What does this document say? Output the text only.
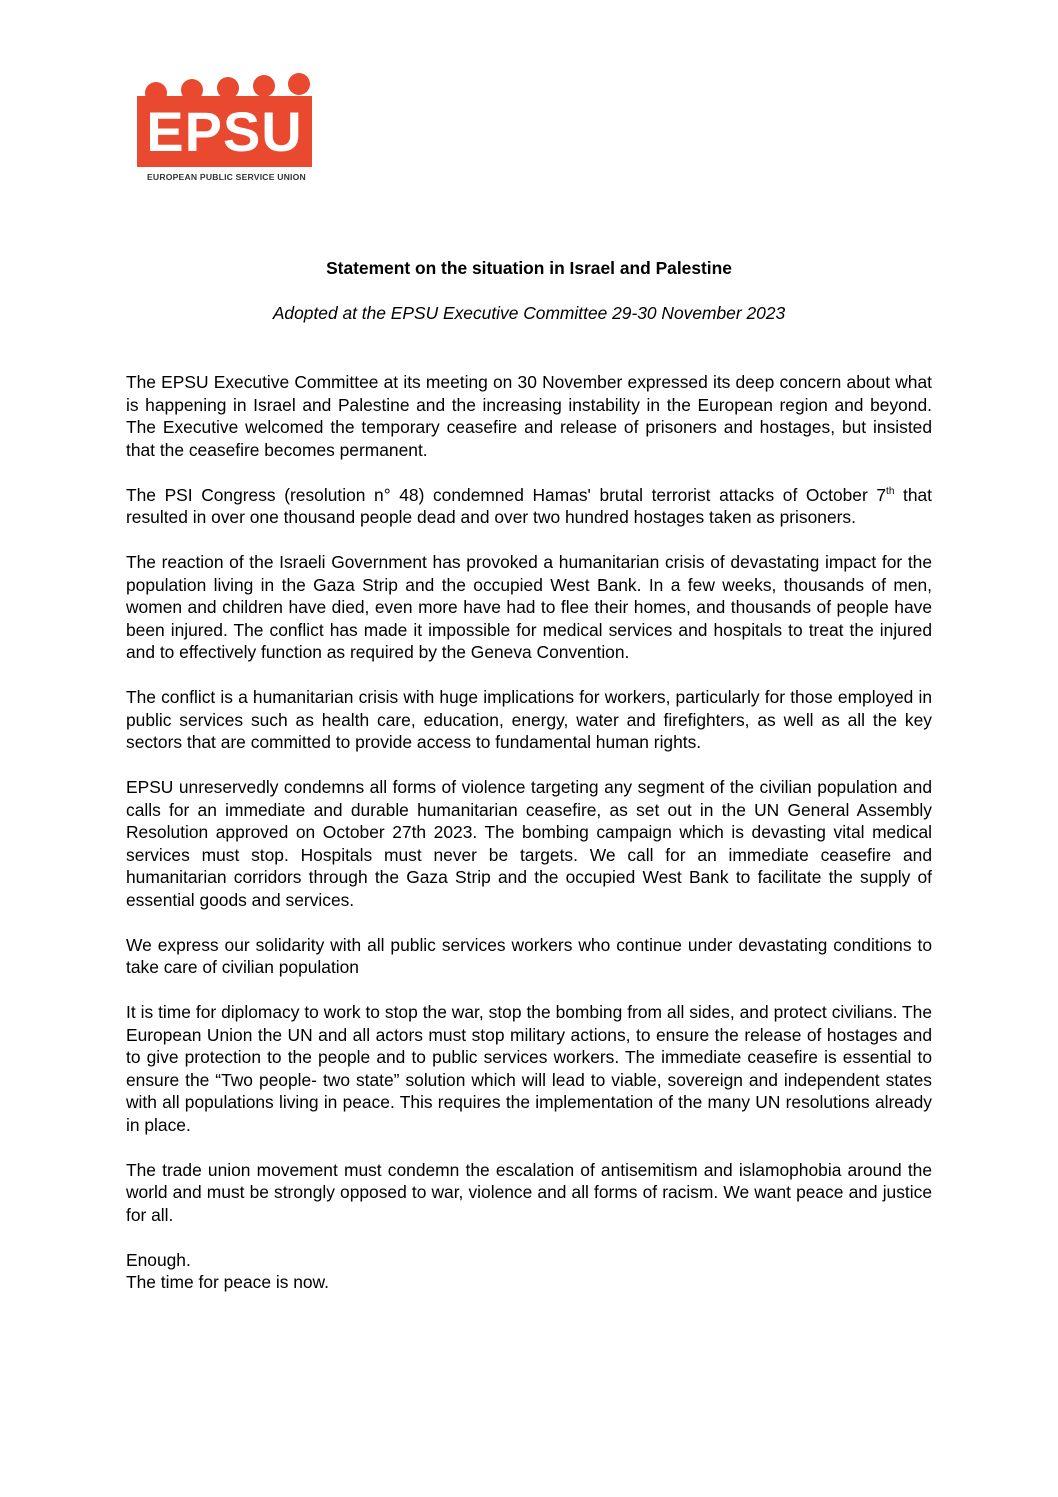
EPSU
EUROPEAN PUBLIC SERVICE UNION
Statement on the situation in Israel and Palestine
Adopted at the EPSU Executive Committee 29-30 November 2023

The EPSU Executive Committee at its meeting on 30 November expressed its deep concern about what is happening in Israel and Palestine and the increasing instability in the European region and beyond. The Executive welcomed the temporary ceasefire and release of prisoners and hostages, but insisted that the ceasefire becomes permanent.

The PSI Congress (resolution n° 48) condemned Hamas' brutal terrorist attacks of October 7th that resulted in over one thousand people dead and over two hundred hostages taken as prisoners.

The reaction of the Israeli Government has provoked a humanitarian crisis of devastating impact for the population living in the Gaza Strip and the occupied West Bank. In a few weeks, thousands of men, women and children have died, even more have had to flee their homes, and thousands of people have been injured. The conflict has made it impossible for medical services and hospitals to treat the injured and to effectively function as required by the Geneva Convention.

The conflict is a humanitarian crisis with huge implications for workers, particularly for those employed in public services such as health care, education, energy, water and firefighters, as well as all the key sectors that are committed to provide access to fundamental human rights.

EPSU unreservedly condemns all forms of violence targeting any segment of the civilian population and calls for an immediate and durable humanitarian ceasefire, as set out in the UN General Assembly Resolution approved on October 27th 2023. The bombing campaign which is devasting vital medical services must stop. Hospitals must never be targets. We call for an immediate ceasefire and humanitarian corridors through the Gaza Strip and the occupied West Bank to facilitate the supply of essential goods and services.

We express our solidarity with all public services workers who continue under devastating conditions to take care of civilian population

It is time for diplomacy to work to stop the war, stop the bombing from all sides, and protect civilians. The European Union the UN and all actors must stop military actions, to ensure the release of hostages and to give protection to the people and to public services workers. The immediate ceasefire is essential to ensure the “Two people- two state” solution which will lead to viable, sovereign and independent states with all populations living in peace. This requires the implementation of the many UN resolutions already in place.

The trade union movement must condemn the escalation of antisemitism and islamophobia around the world and must be strongly opposed to war, violence and all forms of racism. We want peace and justice for all.

Enough.

The time for peace is now.
